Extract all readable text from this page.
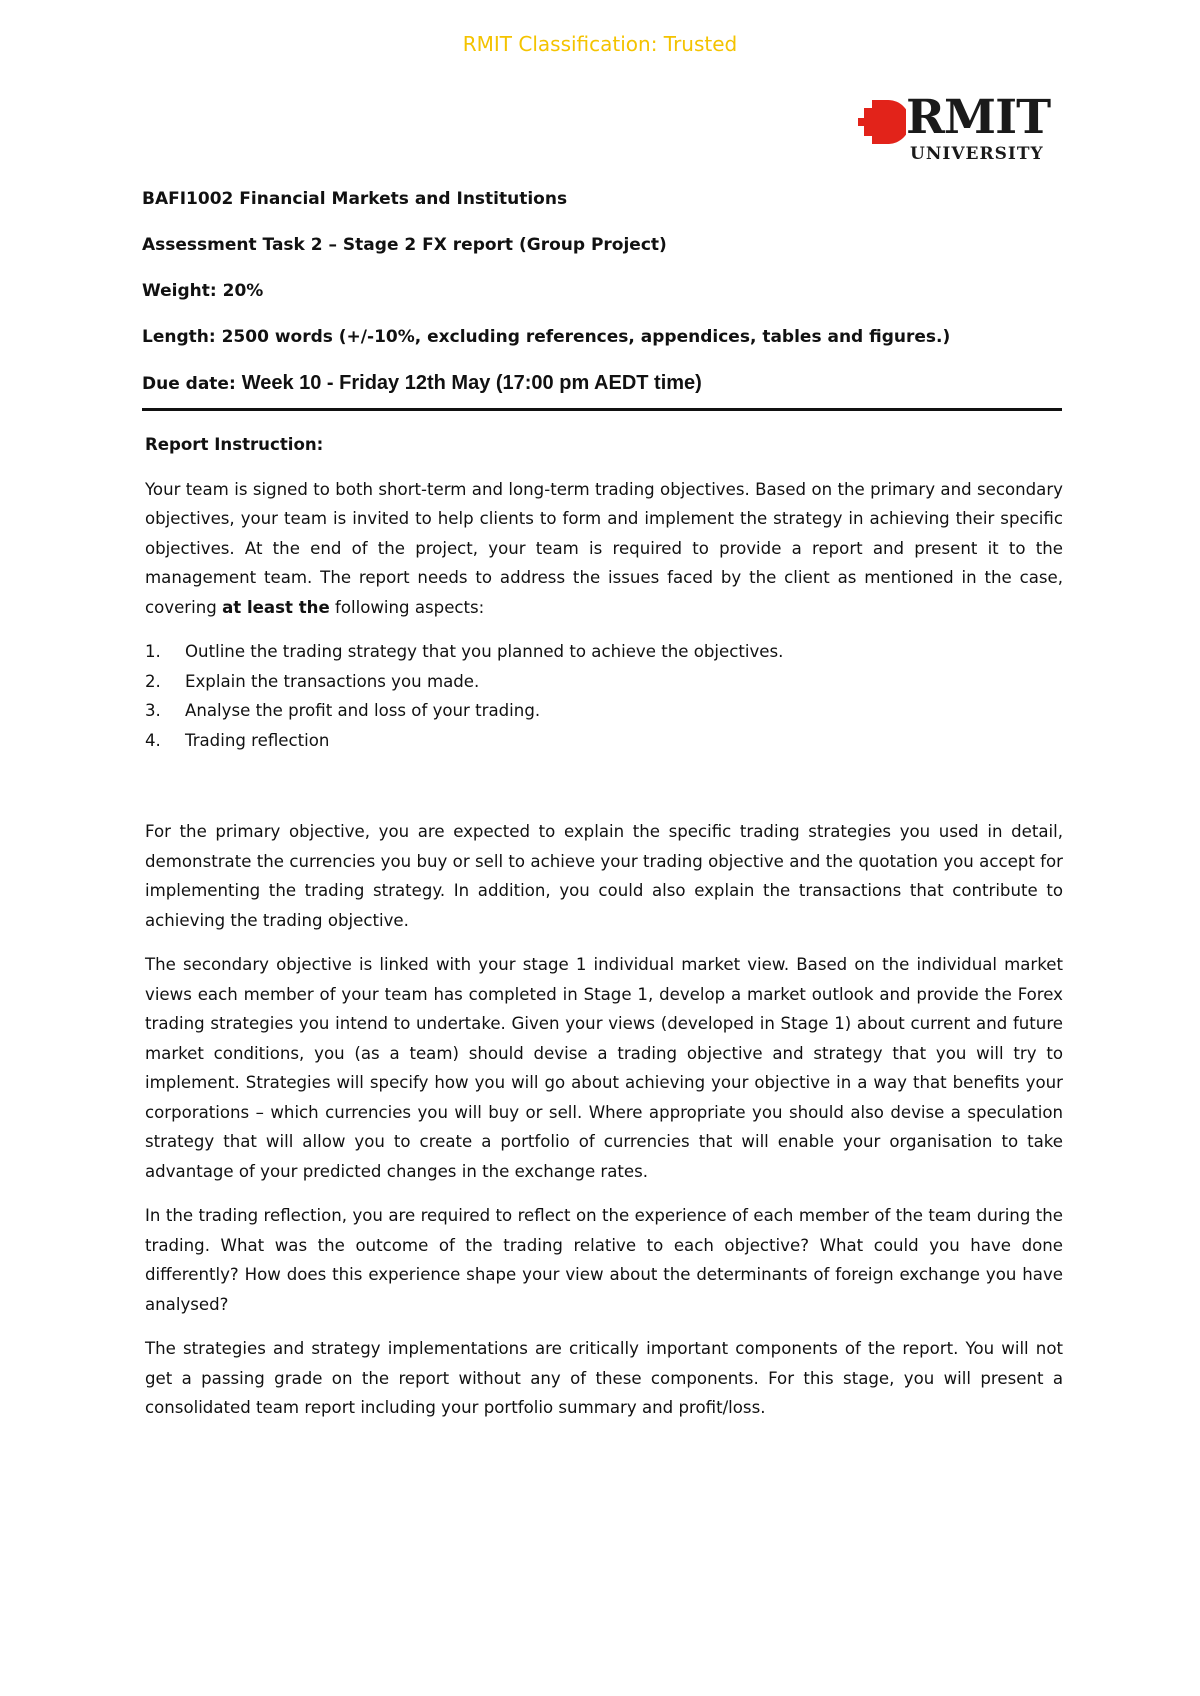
RMIT Classification: Trusted
RMIT
UNIVERSITY
BAFI1002 Financial Markets and Institutions
Assessment Task 2 – Stage 2 FX report (Group Project)
Weight: 20%
Length: 2500 words (+/-10%, excluding references, appendices, tables and figures.)
Due date: Week 10 - Friday 12th May (17:00 pm AEDT time)
Report Instruction:

Your team is signed to both short-term and long-term trading objectives. Based on the primary and secondary objectives, your team is invited to help clients to form and implement the strategy in achieving their specific objectives. At the end of the project, your team is required to provide a report and present it to the management team. The report needs to address the issues faced by the client as mentioned in the case, covering at least the following aspects:

1.	Outline the trading strategy that you planned to achieve the objectives.
2.	Explain the transactions you made.
3.	Analyse the profit and loss of your trading.
4.	Trading reflection

For the primary objective, you are expected to explain the specific trading strategies you used in detail, demonstrate the currencies you buy or sell to achieve your trading objective and the quotation you accept for implementing the trading strategy. In addition, you could also explain the transactions that contribute to achieving the trading objective.

The secondary objective is linked with your stage 1 individual market view. Based on the individual market views each member of your team has completed in Stage 1, develop a market outlook and provide the Forex trading strategies you intend to undertake. Given your views (developed in Stage 1) about current and future market conditions, you (as a team) should devise a trading objective and strategy that you will try to implement. Strategies will specify how you will go about achieving your objective in a way that benefits your corporations – which currencies you will buy or sell. Where appropriate you should also devise a speculation strategy that will allow you to create a portfolio of currencies that will enable your organisation to take advantage of your predicted changes in the exchange rates.

In the trading reflection, you are required to reflect on the experience of each member of the team during the trading. What was the outcome of the trading relative to each objective? What could you have done differently? How does this experience shape your view about the determinants of foreign exchange you have analysed?

The strategies and strategy implementations are critically important components of the report. You will not get a passing grade on the report without any of these components. For this stage, you will present a consolidated team report including your portfolio summary and profit/loss.
